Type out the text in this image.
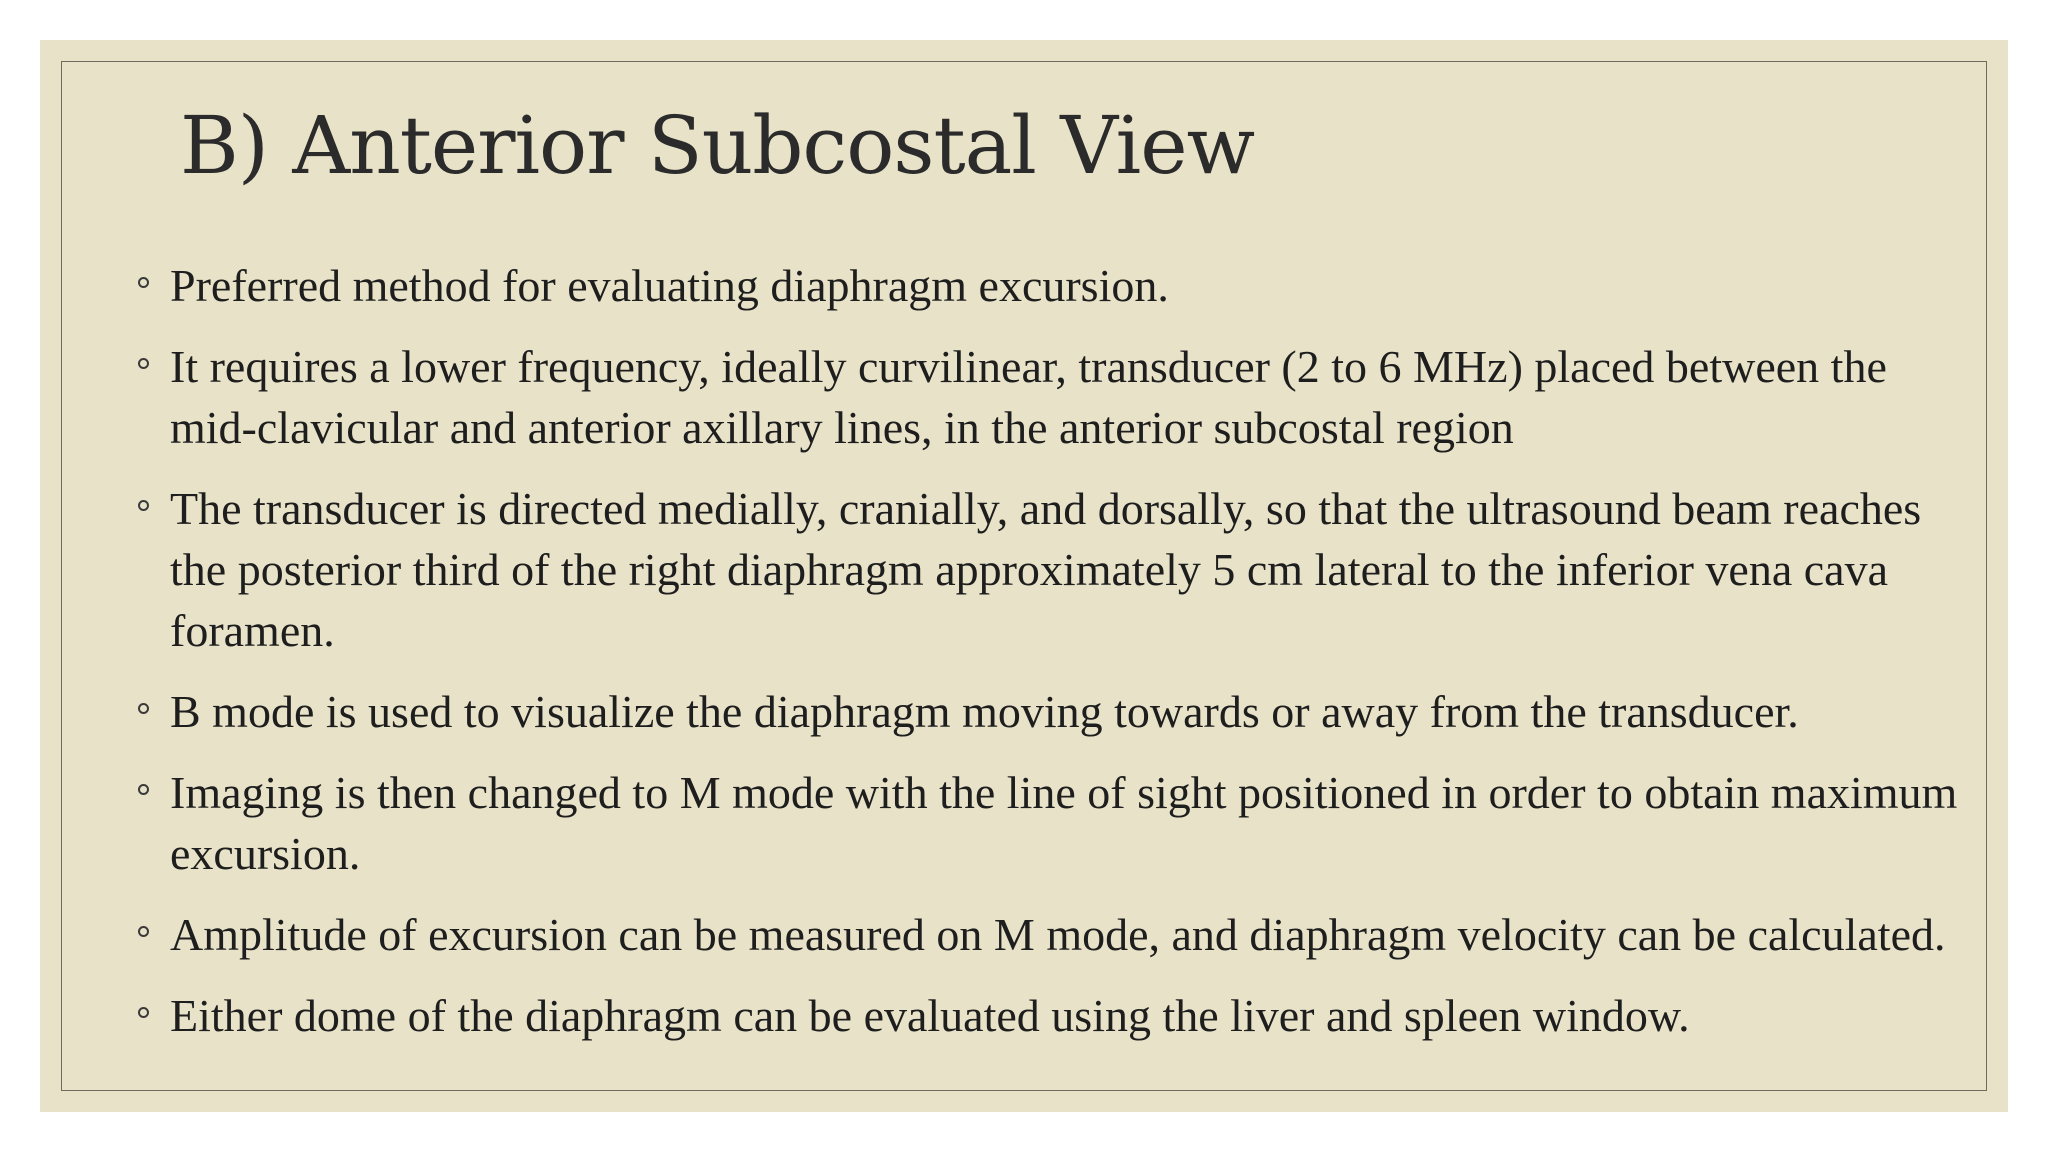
B) Anterior Subcostal View
Preferred method for evaluating diaphragm excursion.
It requires a lower frequency, ideally curvilinear, transducer (2 to 6 MHz) placed between the mid-clavicular and anterior axillary lines, in the anterior subcostal region
The transducer is directed medially, cranially, and dorsally, so that the ultrasound beam reaches the posterior third of the right diaphragm approximately 5 cm lateral to the inferior vena cava foramen.
B mode is used to visualize the diaphragm moving towards or away from the transducer.
Imaging is then changed to M mode with the line of sight positioned in order to obtain maximum excursion.
Amplitude of excursion can be measured on M mode, and diaphragm velocity can be calculated.
Either dome of the diaphragm can be evaluated using the liver and spleen window.
